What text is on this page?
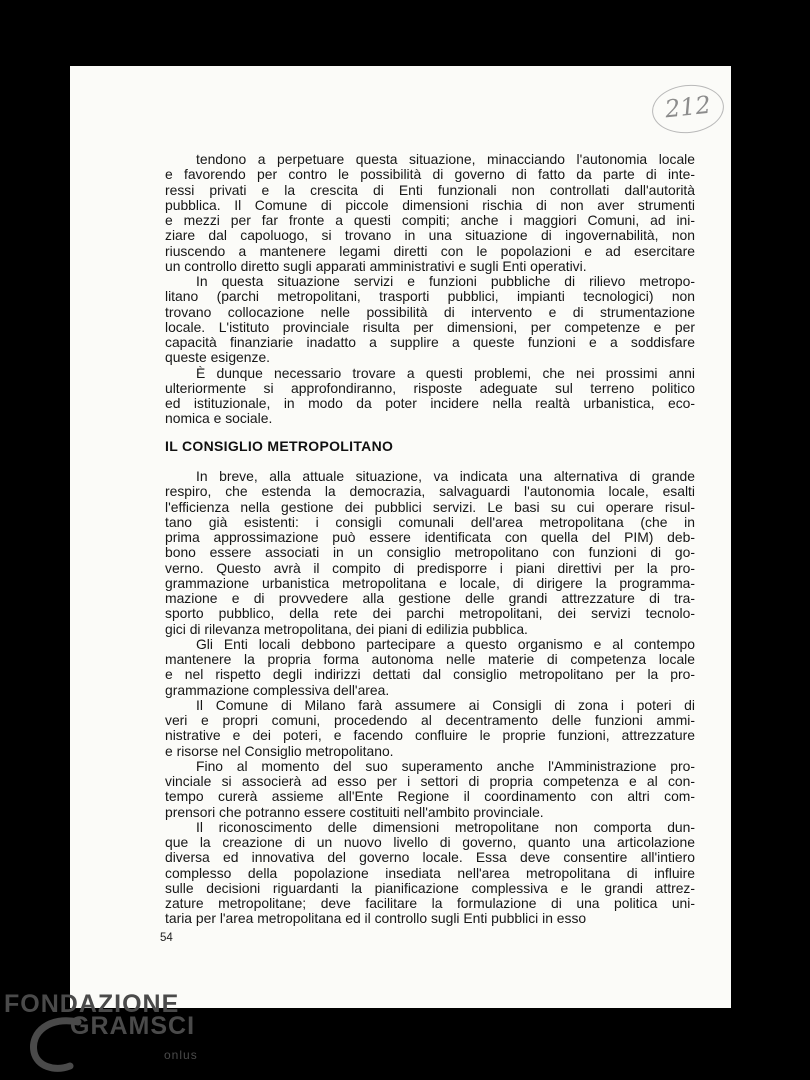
212
tendono a perpetuare questa situazione, minacciando l'autonomia locale
e favorendo per contro le possibilità di governo di fatto da parte di inte-
ressi privati e la crescita di Enti funzionali non controllati dall'autorità
pubblica. Il Comune di piccole dimensioni rischia di non aver strumenti
e mezzi per far fronte a questi compiti; anche i maggiori Comuni, ad ini-
ziare dal capoluogo, si trovano in una situazione di ingovernabilità, non
riuscendo a mantenere legami diretti con le popolazioni e ad esercitare
un controllo diretto sugli apparati amministrativi e sugli Enti operativi.
In questa situazione servizi e funzioni pubbliche di rilievo metropo-
litano (parchi metropolitani, trasporti pubblici, impianti tecnologici) non
trovano collocazione nelle possibilità di intervento e di strumentazione
locale. L'istituto provinciale risulta per dimensioni, per competenze e per
capacità finanziarie inadatto a supplire a queste funzioni e a soddisfare
queste esigenze.
È dunque necessario trovare a questi problemi, che nei prossimi anni
ulteriormente si approfondiranno, risposte adeguate sul terreno politico
ed istituzionale, in modo da poter incidere nella realtà urbanistica, eco-
nomica e sociale.
IL CONSIGLIO METROPOLITANO
In breve, alla attuale situazione, va indicata una alternativa di grande
respiro, che estenda la democrazia, salvaguardi l'autonomia locale, esalti
l'efficienza nella gestione dei pubblici servizi. Le basi su cui operare risul-
tano già esistenti: i consigli comunali dell'area metropolitana (che in
prima approssimazione può essere identificata con quella del PIM) deb-
bono essere associati in un consiglio metropolitano con funzioni di go-
verno. Questo avrà il compito di predisporre i piani direttivi per la pro-
grammazione urbanistica metropolitana e locale, di dirigere la programma-
mazione e di provvedere alla gestione delle grandi attrezzature di tra-
sporto pubblico, della rete dei parchi metropolitani, dei servizi tecnolo-
gici di rilevanza metropolitana, dei piani di edilizia pubblica.
Gli Enti locali debbono partecipare a questo organismo e al contempo
mantenere la propria forma autonoma nelle materie di competenza locale
e nel rispetto degli indirizzi dettati dal consiglio metropolitano per la pro-
grammazione complessiva dell'area.
Il Comune di Milano farà assumere ai Consigli di zona i poteri di
veri e propri comuni, procedendo al decentramento delle funzioni ammi-
nistrative e dei poteri, e facendo confluire le proprie funzioni, attrezzature
e risorse nel Consiglio metropolitano.
Fino al momento del suo superamento anche l'Amministrazione pro-
vinciale si associerà ad esso per i settori di propria competenza e al con-
tempo curerà assieme all'Ente Regione il coordinamento con altri com-
prensori che potranno essere costituiti nell'ambito provinciale.
Il riconoscimento delle dimensioni metropolitane non comporta dun-
que la creazione di un nuovo livello di governo, quanto una articolazione
diversa ed innovativa del governo locale. Essa deve consentire all'intiero
complesso della popolazione insediata nell'area metropolitana di influire
sulle decisioni riguardanti la pianificazione complessiva e le grandi attrez-
zature metropolitane; deve facilitare la formulazione di una politica uni-
taria per l'area metropolitana ed il controllo sugli Enti pubblici in esso
54
FONDAZIONE
GRAMSCI
onlus
